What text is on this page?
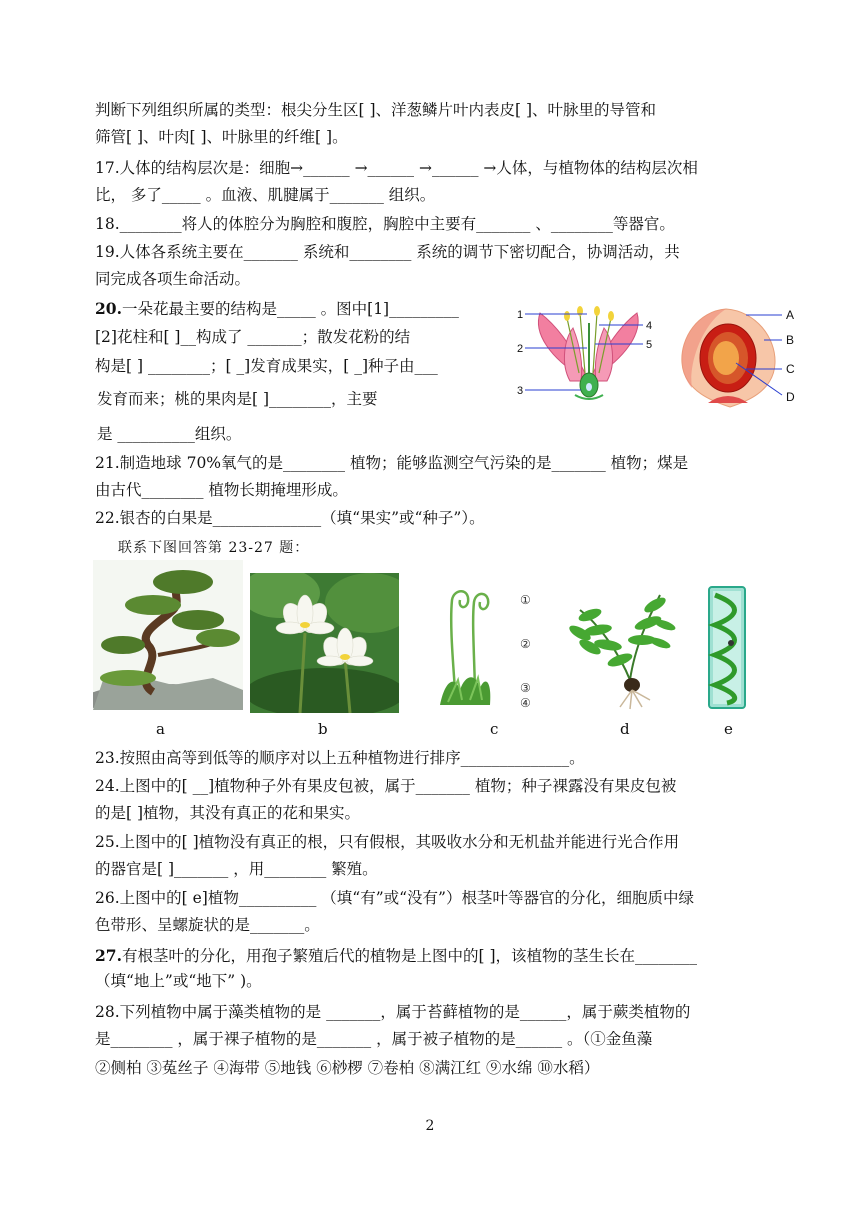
判断下列组织所属的类型：根尖分生区[ ]、洋葱鳞片叶内表皮[ ]、叶脉里的导管和
筛管[ ]、叶肉[ ]、叶脉里的纤维[ ]。
17.人体的结构层次是：细胞→______ →______ →______ →人体，与植物体的结构层次相
比， 多了_____ 。血液、肌腱属于_______ 组织。
18.________将人的体腔分为胸腔和腹腔，胸腔中主要有_______ 、________等器官。
19.人体各系统主要在_______ 系统和________ 系统的调节下密切配合，协调活动，共
同完成各项生命活动。
20.一朵花最主要的结构是_____ 。图中[1]_________
[2]花柱和[ ]__构成了 _______；散发花粉的结
构是[ ] ________；[ _]发育成果实，[ _]种子由___
发育而来；桃的果肉是[ ]________，主要
是 __________组织。
1
2
3
4
5
A
B
C
D
21.制造地球 70%氧气的是________ 植物；能够监测空气污染的是_______ 植物；煤是
由古代________ 植物长期掩埋形成。
22.银杏的白果是______________（填“果实”或“种子”）。
联系下图回答第 23-27 题：
①
②
③
④
a	b	c	d	e
23.按照由高等到低等的顺序对以上五种植物进行排序______________。
24.上图中的[ __]植物种子外有果皮包被，属于_______ 植物；种子裸露没有果皮包被
的是[ ]植物，其没有真正的花和果实。
25.上图中的[ ]植物没有真正的根，只有假根，其吸收水分和无机盐并能进行光合作用
的器官是[ ]_______ ，用________ 繁殖。
26.上图中的[ e]植物__________ （填“有”或“没有”）根茎叶等器官的分化，细胞质中绿
色带形、呈螺旋状的是_______。
27.有根茎叶的分化，用孢子繁殖后代的植物是上图中的[ ]，该植物的茎生长在________
（填“地上”或“地下” )。
28.下列植物中属于藻类植物的是 _______，属于苔藓植物的是______，属于蕨类植物的
是________ ，属于裸子植物的是_______ ，属于被子植物的是______ 。（①金鱼藻
②侧柏 ③菟丝子 ④海带 ⑤地钱 ⑥桫椤 ⑦卷柏 ⑧满江红 ⑨水绵 ⑩水稻）
2
